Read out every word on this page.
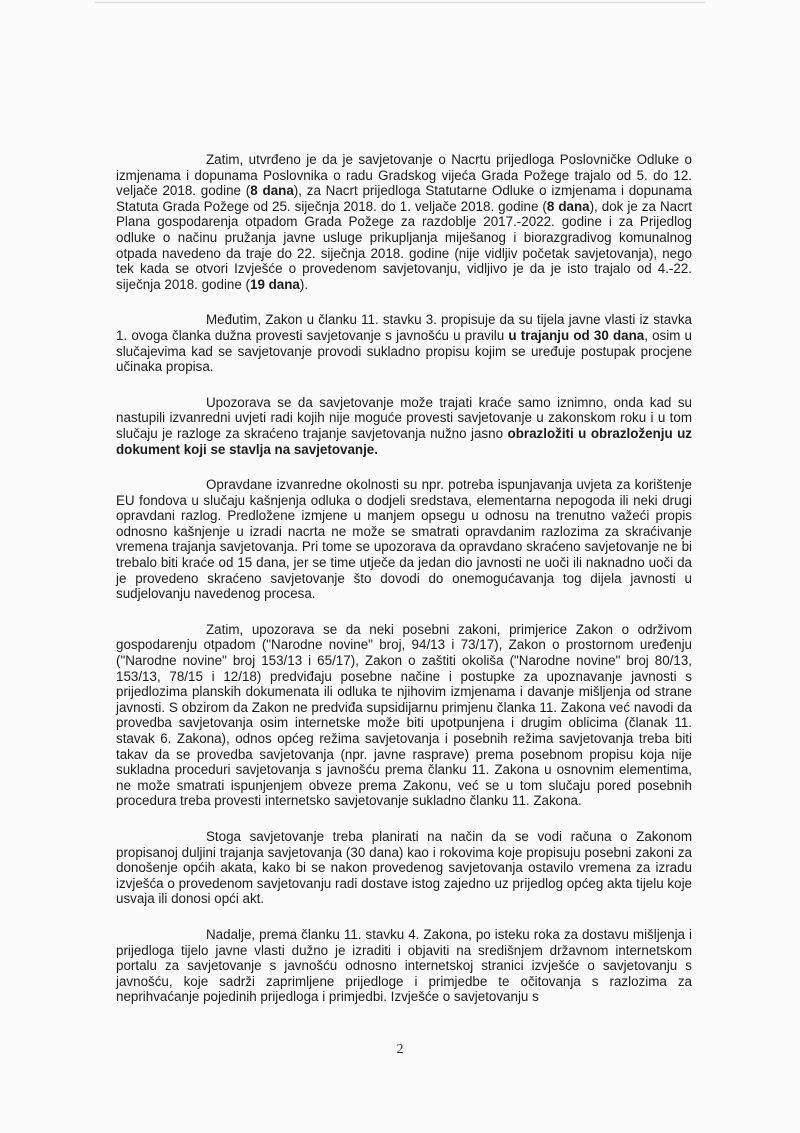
Zatim, utvrđeno je da je savjetovanje o Nacrtu prijedloga Poslovničke Odluke o izmjenama i dopunama Poslovnika o radu Gradskog vijeća Grada Požege trajalo od 5. do 12. veljače 2018. godine (8 dana), za Nacrt prijedloga Statutarne Odluke o izmjenama i dopunama Statuta Grada Požege od 25. siječnja 2018. do 1. veljače 2018. godine (8 dana), dok je za Nacrt Plana gospodarenja otpadom Grada Požege za razdoblje 2017.-2022. godine i za Prijedlog odluke o načinu pružanja javne usluge prikupljanja miješanog i biorazgradivog komunalnog otpada navedeno da traje do 22. siječnja 2018. godine (nije vidljiv početak savjetovanja), nego tek kada se otvori Izvješće o provedenom savjetovanju, vidljivo je da je isto trajalo od 4.-22. siječnja 2018. godine (19 dana).

Međutim, Zakon u članku 11. stavku 3. propisuje da su tijela javne vlasti iz stavka 1. ovoga članka dužna provesti savjetovanje s javnošću u pravilu u trajanju od 30 dana, osim u slučajevima kad se savjetovanje provodi sukladno propisu kojim se uređuje postupak procjene učinaka propisa.

Upozorava se da savjetovanje može trajati kraće samo iznimno, onda kad su nastupili izvanredni uvjeti radi kojih nije moguće provesti savjetovanje u zakonskom roku i u tom slučaju je razloge za skraćeno trajanje savjetovanja nužno jasno obrazložiti u obrazloženju uz dokument koji se stavlja na savjetovanje.

Opravdane izvanredne okolnosti su npr. potreba ispunjavanja uvjeta za korištenje EU fondova u slučaju kašnjenja odluka o dodjeli sredstava, elementarna nepogoda ili neki drugi opravdani razlog. Predložene izmjene u manjem opsegu u odnosu na trenutno važeći propis odnosno kašnjenje u izradi nacrta ne može se smatrati opravdanim razlozima za skraćivanje vremena trajanja savjetovanja. Pri tome se upozorava da opravdano skraćeno savjetovanje ne bi trebalo biti kraće od 15 dana, jer se time utječe da jedan dio javnosti ne uoči ili naknadno uoči da je provedeno skraćeno savjetovanje što dovodi do onemogućavanja tog dijela javnosti u sudjelovanju navedenog procesa.

Zatim, upozorava se da neki posebni zakoni, primjerice Zakon o održivom gospodarenju otpadom ("Narodne novine" broj, 94/13 i 73/17), Zakon o prostornom uređenju ("Narodne novine" broj 153/13 i 65/17), Zakon o zaštiti okoliša ("Narodne novine" broj 80/13, 153/13, 78/15 i 12/18) predviđaju posebne načine i postupke za upoznavanje javnosti s prijedlozima planskih dokumenata ili odluka te njihovim izmjenama i davanje mišljenja od strane javnosti. S obzirom da Zakon ne predviđa supsidijarnu primjenu članka 11. Zakona već navodi da provedba savjetovanja osim internetske može biti upotpunjena i drugim oblicima (članak 11. stavak 6. Zakona), odnos općeg režima savjetovanja i posebnih režima savjetovanja treba biti takav da se provedba savjetovanja (npr. javne rasprave) prema posebnom propisu koja nije sukladna proceduri savjetovanja s javnošću prema članku 11. Zakona u osnovnim elementima, ne može smatrati ispunjenjem obveze prema Zakonu, već se u tom slučaju pored posebnih procedura treba provesti internetsko savjetovanje sukladno članku 11. Zakona.

Stoga savjetovanje treba planirati na način da se vodi računa o Zakonom propisanoj duljini trajanja savjetovanja (30 dana) kao i rokovima koje propisuju posebni zakoni za donošenje općih akata, kako bi se nakon provedenog savjetovanja ostavilo vremena za izradu izvješća o provedenom savjetovanju radi dostave istog zajedno uz prijedlog općeg akta tijelu koje usvaja ili donosi opći akt.

Nadalje, prema članku 11. stavku 4. Zakona, po isteku roka za dostavu mišljenja i prijedloga tijelo javne vlasti dužno je izraditi i objaviti na središnjem državnom internetskom portalu za savjetovanje s javnošću odnosno internetskoj stranici izvješće o savjetovanju s javnošću, koje sadrži zaprimljene prijedloge i primjedbe te očitovanja s razlozima za neprihvaćanje pojedinih prijedloga i primjedbi. Izvješće o savjetovanju s

2
